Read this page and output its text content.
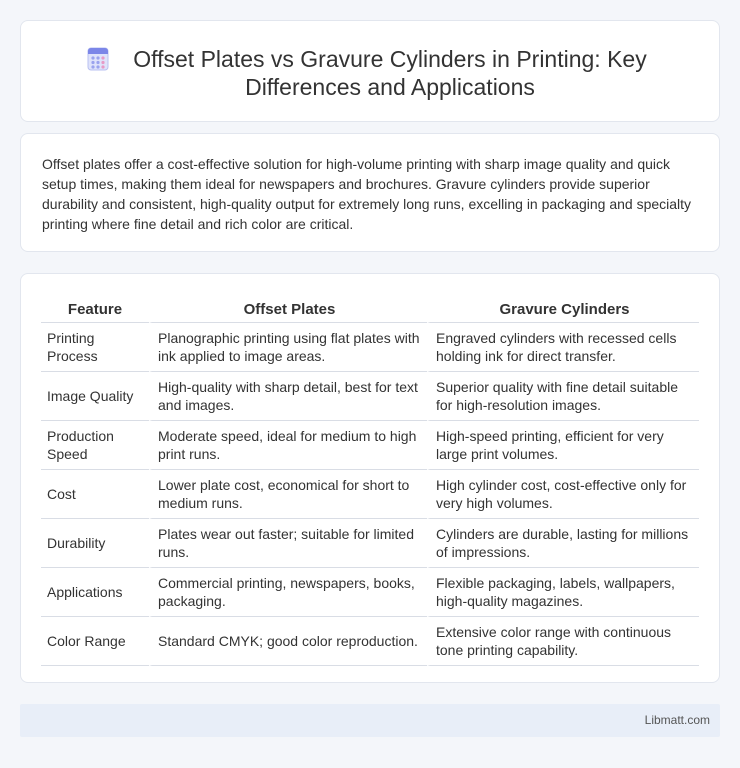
Offset Plates vs Gravure Cylinders in Printing: Key Differences and Applications

Offset plates offer a cost-effective solution for high-volume printing with sharp image quality and quick setup times, making them ideal for newspapers and brochures. Gravure cylinders provide superior durability and consistent, high-quality output for extremely long runs, excelling in packaging and specialty printing where fine detail and rich color are critical.

Feature	Offset Plates	Gravure Cylinders
Printing Process	Planographic printing using flat plates with ink applied to image areas.	Engraved cylinders with recessed cells holding ink for direct transfer.
Image Quality	High-quality with sharp detail, best for text and images.	Superior quality with fine detail suitable for high-resolution images.
Production Speed	Moderate speed, ideal for medium to high print runs.	High-speed printing, efficient for very large print volumes.
Cost	Lower plate cost, economical for short to medium runs.	High cylinder cost, cost-effective only for very high volumes.
Durability	Plates wear out faster; suitable for limited runs.	Cylinders are durable, lasting for millions of impressions.
Applications	Commercial printing, newspapers, books, packaging.	Flexible packaging, labels, wallpapers, high-quality magazines.
Color Range	Standard CMYK; good color reproduction.	Extensive color range with continuous tone printing capability.
Libmatt.com
